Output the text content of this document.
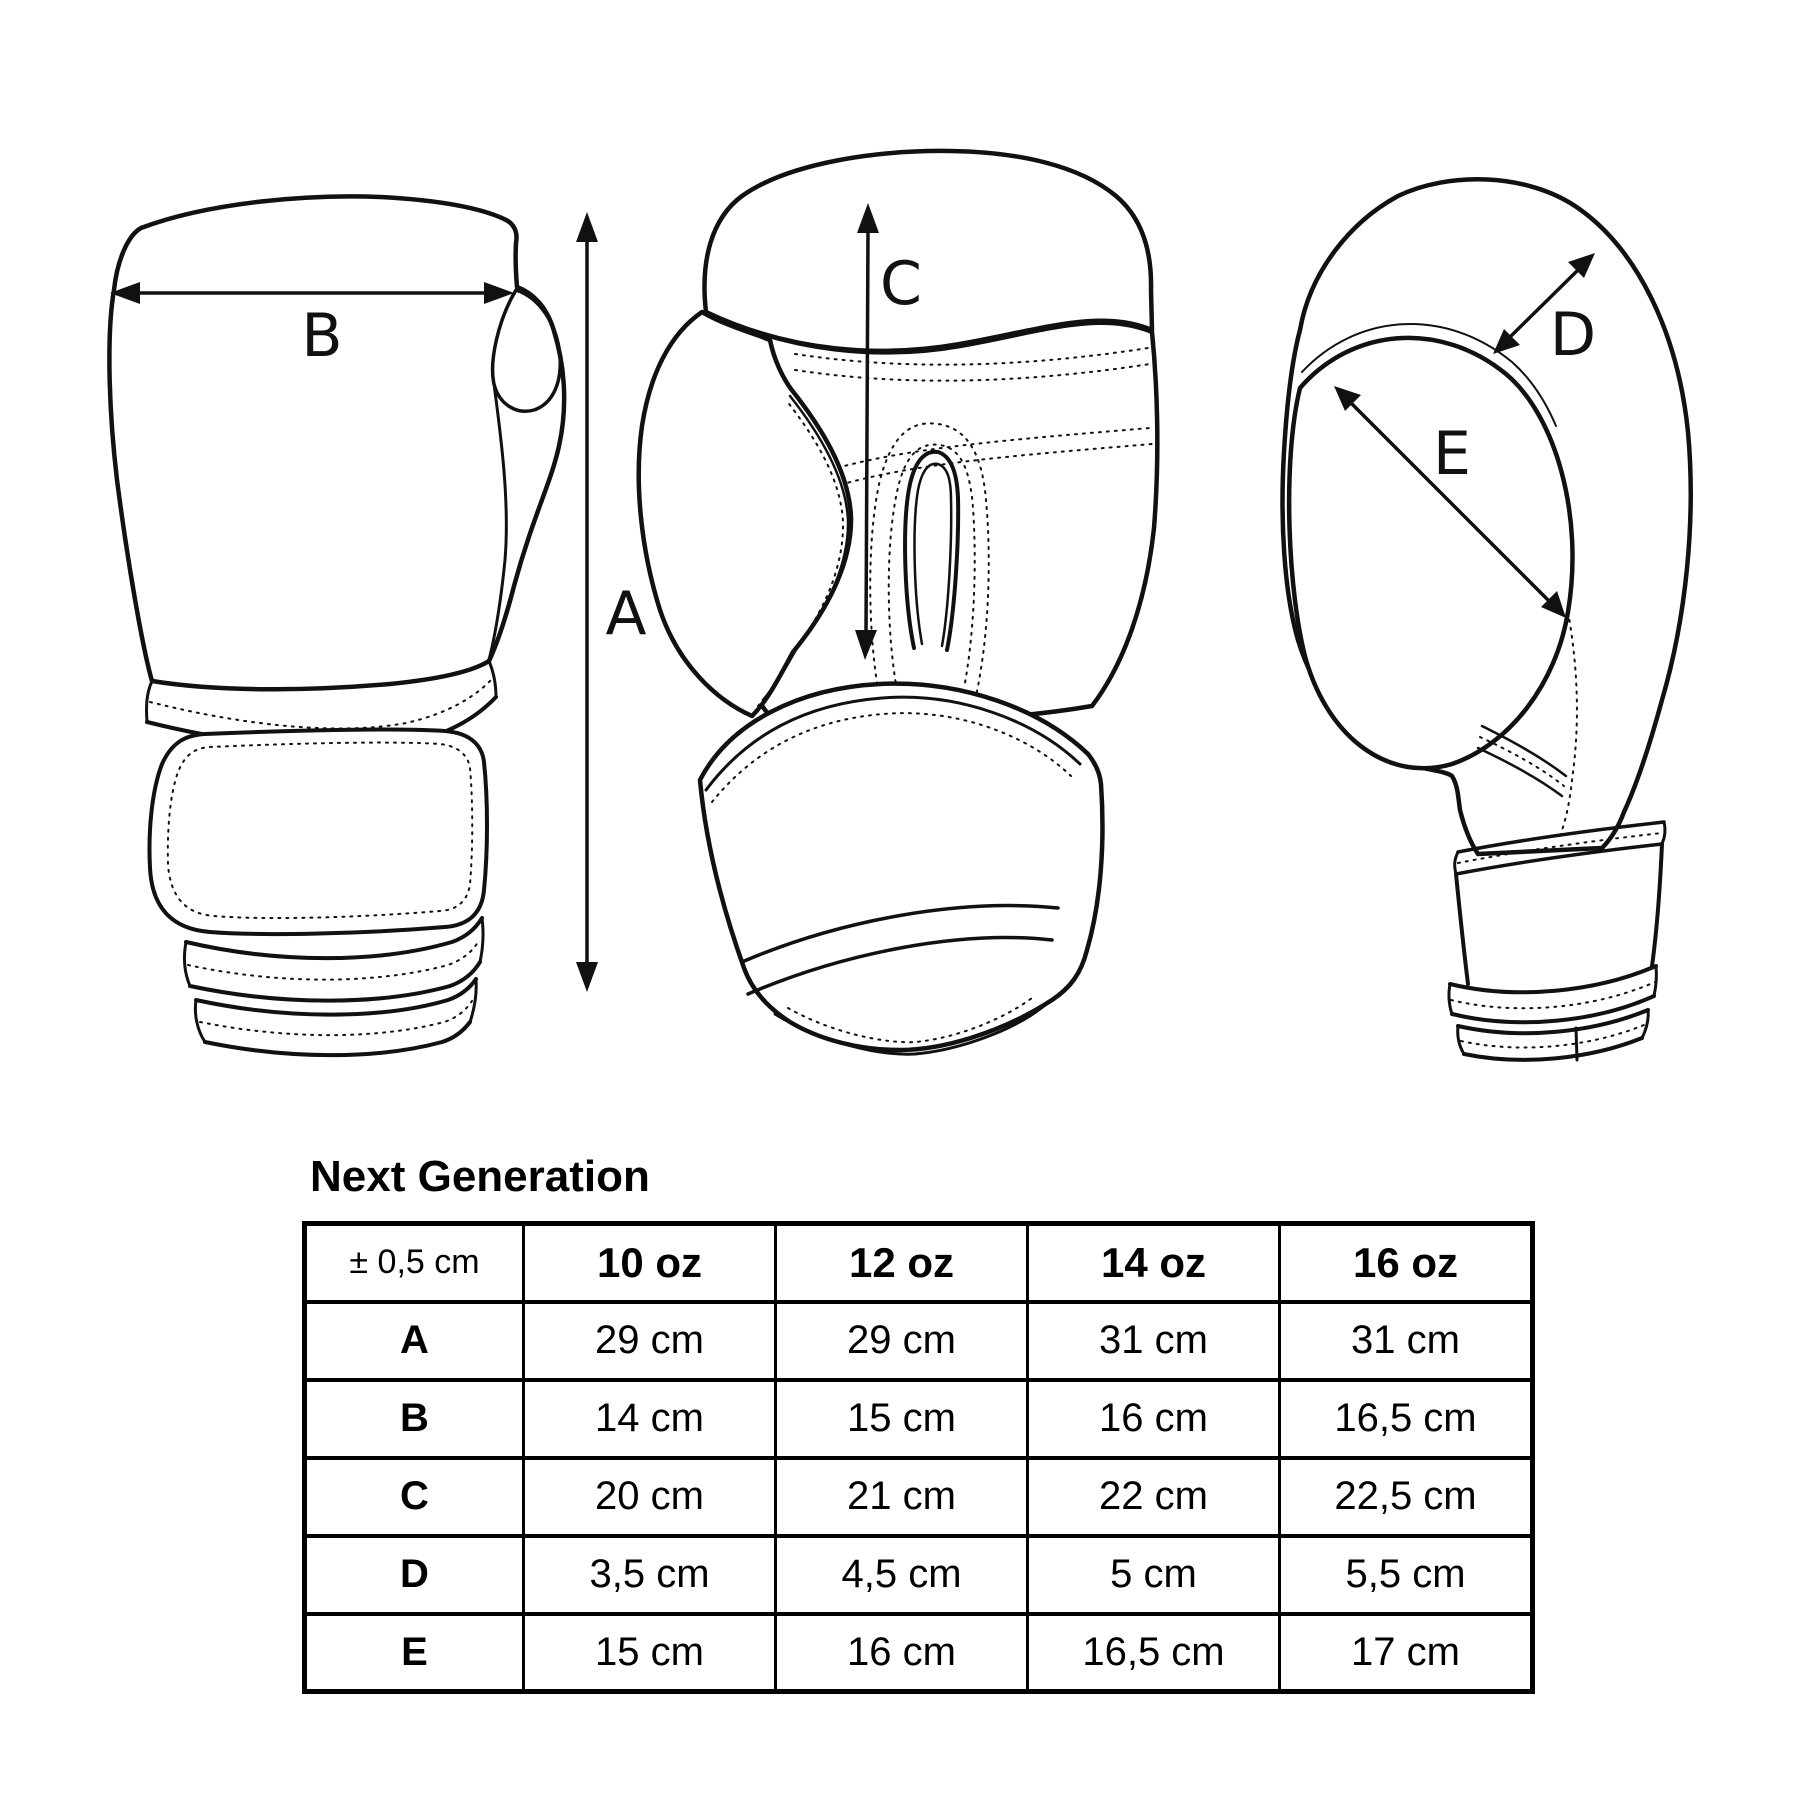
A
B
C
D
E
Next Generation
± 0,5 cm	10 oz	12 oz	14 oz	16 oz
A	29 cm	29 cm	31 cm	31 cm
B	14 cm	15 cm	16 cm	16,5 cm
C	20 cm	21 cm	22 cm	22,5 cm
D	3,5 cm	4,5 cm	5 cm	5,5 cm
E	15 cm	16 cm	16,5 cm	17 cm
